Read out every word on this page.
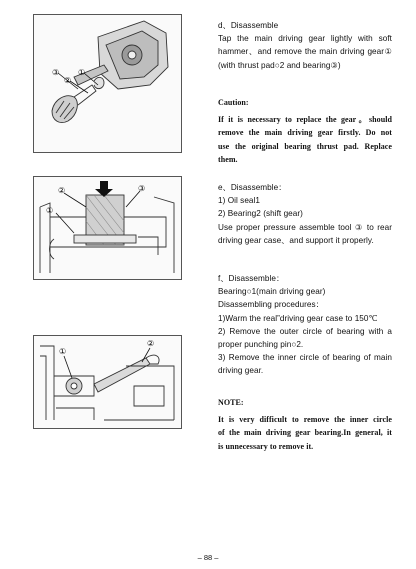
③
②
①
d、Disassemble
Tap the main driving gear lightly with soft
hammer、and remove the main driving gear①
(with thrust pad○2 and bearing③)
Caution:
If it is necessary to replace the gear。should
remove the main driving gear firstly. Do not
use the original bearing thrust pad. Replace
them.
②
①
③	e、Disassemble：
1) Oil seal1
2) Bearing2 (shift gear)
Use proper pressure assemble tool ③ to rear
driving gear case、and support it properly.
①
②
f、Disassemble：
Bearing○1(main driving gear)
Disassembling procedures：
1)Warm the real”driving gear case to 150℃
2) Remove the outer circle of bearing with a
proper punching pin○2.
3) Remove the inner circle of bearing of main
driving gear.
NOTE:
It is very difficult to remove the inner circle
of the main driving gear bearing.In general, it
is unnecessary to remove it.
– 88 –
